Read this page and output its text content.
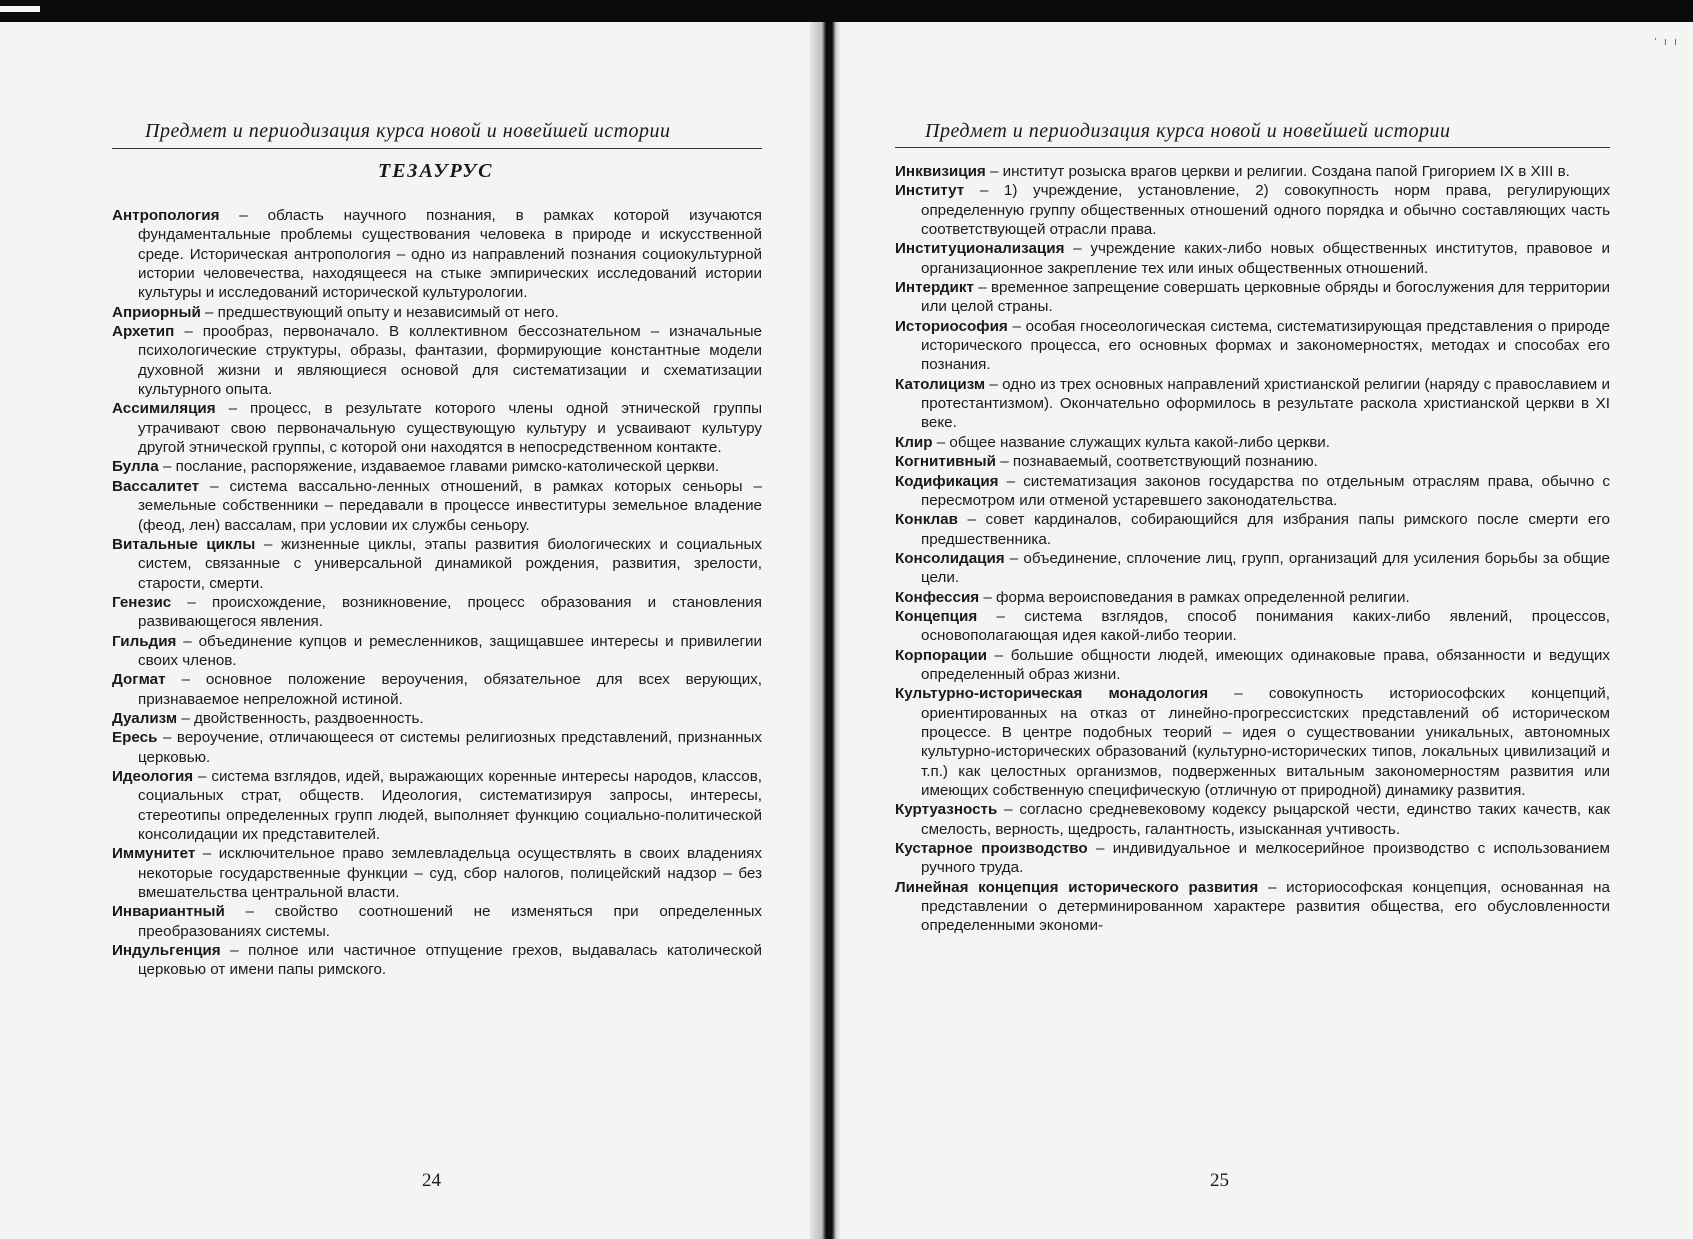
‘ ı ı
Предмет и периодизация курса новой и новейшей истории
ТЕЗАУРУС

Антропология – область научного познания, в рамках которой изучаются фундаментальные проблемы существования человека в природе и искусственной среде. Историческая антропология – одно из направлений познания социокультурной истории человечества, находящееся на стыке эмпирических исследований истории культуры и исследований исторической культурологии.

Априорный – предшествующий опыту и независимый от него.

Архетип – прообраз, первоначало. В коллективном бессознательном – изначальные психологические структуры, образы, фантазии, формирующие константные модели духовной жизни и являющиеся основой для систематизации и схематизации культурного опыта.

Ассимиляция – процесс, в результате которого члены одной этнической группы утрачивают свою первоначальную существующую культуру и усваивают культуру другой этнической группы, с которой они находятся в непосредственном контакте.

Булла – послание, распоряжение, издаваемое главами римско-католической церкви.

Вассалитет – система вассально-ленных отношений, в рамках которых сеньоры – земельные собственники – передавали в процессе инвеституры земельное владение (феод, лен) вассалам, при условии их службы сеньору.

Витальные циклы – жизненные циклы, этапы развития биологических и социальных систем, связанные с универсальной динамикой рождения, развития, зрелости, старости, смерти.

Генезис – происхождение, возникновение, процесс образования и становления развивающегося явления.

Гильдия – объединение купцов и ремесленников, защищавшее интересы и привилегии своих членов.

Догмат – основное положение вероучения, обязательное для всех верующих, признаваемое непреложной истиной.

Дуализм – двойственность, раздвоенность.

Ересь – вероучение, отличающееся от системы религиозных представлений, признанных церковью.

Идеология – система взглядов, идей, выражающих коренные интересы народов, классов, социальных страт, обществ. Идеология, систематизируя запросы, интересы, стереотипы определенных групп людей, выполняет функцию социально-политической консолидации их представителей.

Иммунитет – исключительное право землевладельца осуществлять в своих владениях некоторые государственные функции – суд, сбор налогов, полицейский надзор – без вмешательства центральной власти.

Инвариантный – свойство соотношений не изменяться при определенных преобразованиях системы.

Индульгенция – полное или частичное отпущение грехов, выдавалась католической церковью от имени папы римского.

24
Предмет и периодизация курса новой и новейшей истории

Инквизиция – институт розыска врагов церкви и религии. Создана папой Григорием IX в XIII в.

Институт – 1) учреждение, установление, 2) совокупность норм права, регулирующих определенную группу общественных отношений одного порядка и обычно составляющих часть соответствующей отрасли права.

Институционализация – учреждение каких-либо новых общественных институтов, правовое и организационное закрепление тех или иных общественных отношений.

Интердикт – временное запрещение совершать церковные обряды и богослужения для территории или целой страны.

Историософия – особая гносеологическая система, систематизирующая представления о природе исторического процесса, его основных формах и закономерностях, методах и способах его познания.

Католицизм – одно из трех основных направлений христианской религии (наряду с православием и протестантизмом). Окончательно оформилось в результате раскола христианской церкви в XI веке.

Клир – общее название служащих культа какой-либо церкви.

Когнитивный – познаваемый, соответствующий познанию.

Кодификация – систематизация законов государства по отдельным отраслям права, обычно с пересмотром или отменой устаревшего законодательства.

Конклав – совет кардиналов, собирающийся для избрания папы римского после смерти его предшественника.

Консолидация – объединение, сплочение лиц, групп, организаций для усиления борьбы за общие цели.

Конфессия – форма вероисповедания в рамках определенной религии.

Концепция – система взглядов, способ понимания каких-либо явлений, процессов, основополагающая идея какой-либо теории.

Корпорации – большие общности людей, имеющих одинаковые права, обязанности и ведущих определенный образ жизни.

Культурно-историческая монадология – совокупность историософских концепций, ориентированных на отказ от линейно-прогрессистских представлений об историческом процессе. В центре подобных теорий – идея о существовании уникальных, автономных культурно-исторических образований (культурно-исторических типов, локальных цивилизаций и т.п.) как целостных организмов, подверженных витальным закономерностям развития или имеющих собственную специфическую (отличную от природной) динамику развития.

Куртуазность – согласно средневековому кодексу рыцарской чести, единство таких качеств, как смелость, верность, щедрость, галантность, изысканная учтивость.

Кустарное производство – индивидуальное и мелкосерийное производство с использованием ручного труда.

Линейная концепция исторического развития – историософская концепция, основанная на представлении о детерминированном характере развития общества, его обусловленности определенными экономи-

25
